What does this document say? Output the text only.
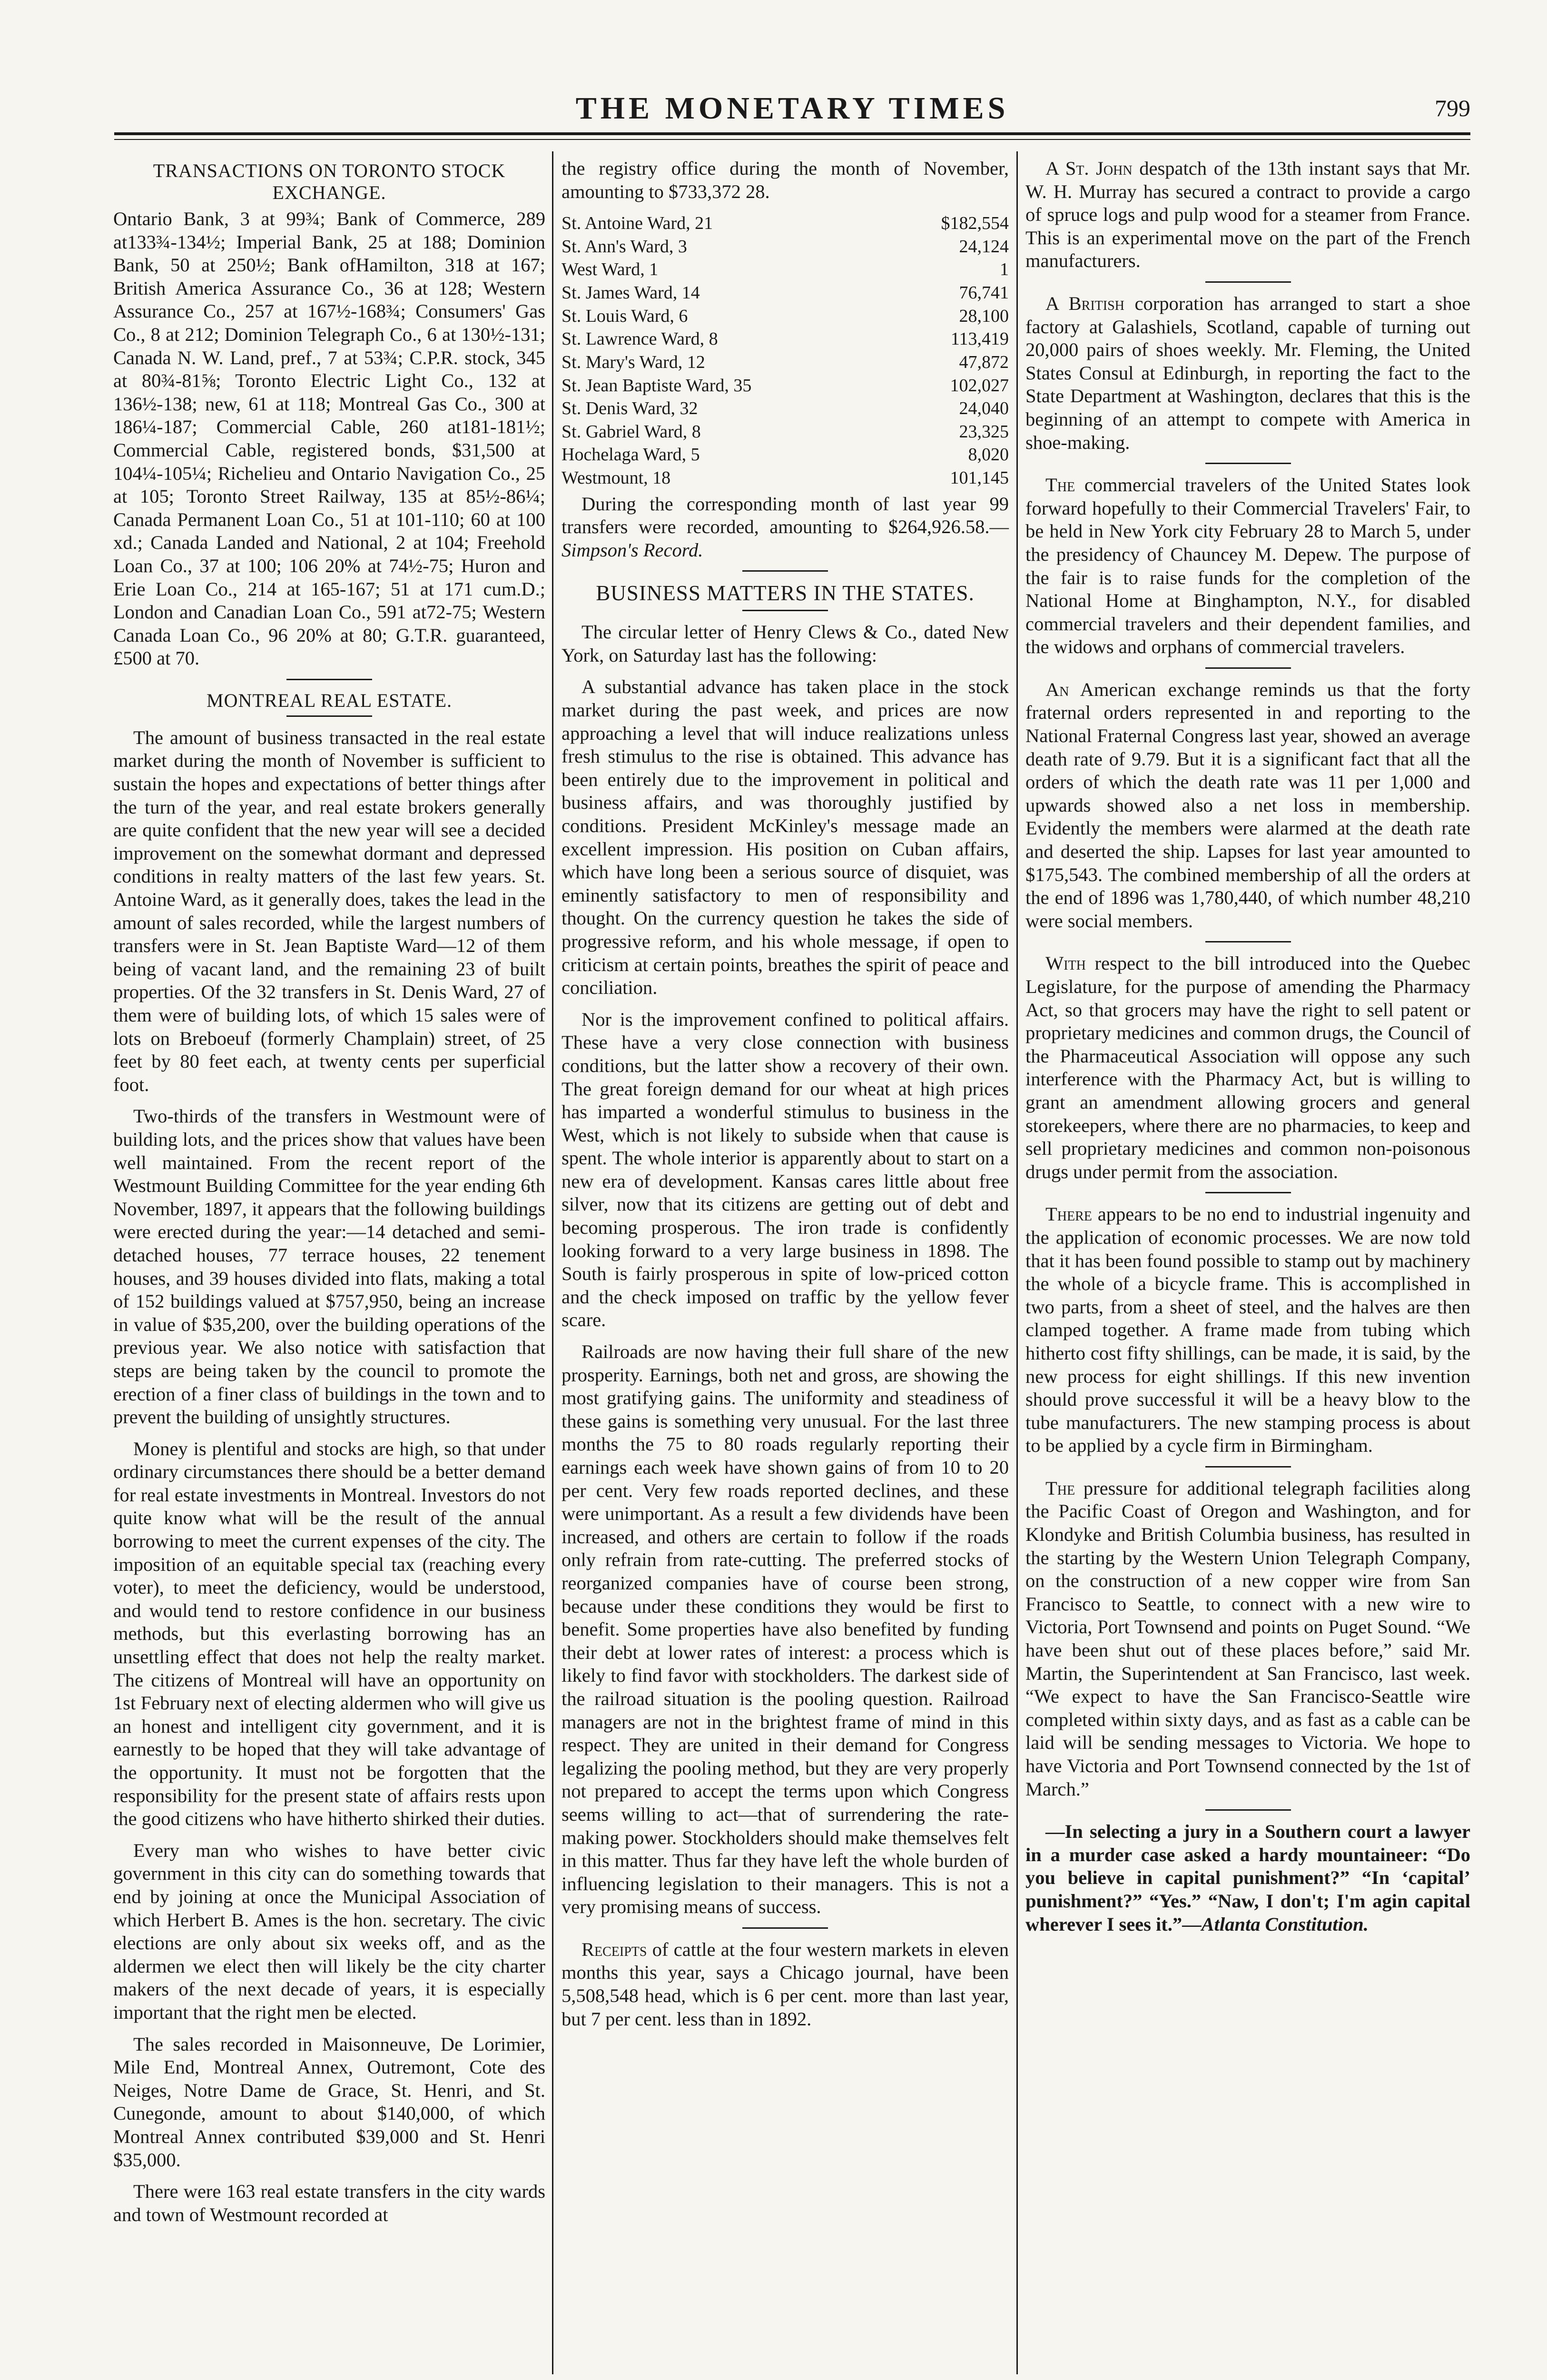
THE MONETARY TIMES	799
TRANSACTIONS ON TORONTO STOCK EXCHANGE.

Ontario Bank, 3 at 99¾; Bank of Commerce, 289 at133¾-134½; Imperial Bank, 25 at 188; Dominion Bank, 50 at 250½; Bank ofHamilton, 318 at 167; British America Assurance Co., 36 at 128; Western Assurance Co., 257 at 167½-168¾; Consumers' Gas Co., 8 at 212; Dominion Telegraph Co., 6 at 130½-131; Canada N. W. Land, pref., 7 at 53¾; C.P.R. stock, 345 at 80¾-81⅝; Toronto Electric Light Co., 132 at 136½-138; new, 61 at 118; Montreal Gas Co., 300 at 186¼-187; Commercial Cable, 260 at181-181½; Commercial Cable, registered bonds, $31,500 at 104¼-105¼; Richelieu and Ontario Navigation Co., 25 at 105; Toronto Street Railway, 135 at 85½-86¼; Canada Permanent Loan Co., 51 at 101-110; 60 at 100 xd.; Canada Landed and National, 2 at 104; Freehold Loan Co., 37 at 100; 106 20% at 74½-75; Huron and Erie Loan Co., 214 at 165-167; 51 at 171 cum.D.; London and Canadian Loan Co., 591 at72-75; Western Canada Loan Co., 96 20% at 80; G.T.R. guaranteed, £500 at 70.

MONTREAL REAL ESTATE.

The amount of business transacted in the real estate market during the month of November is sufficient to sustain the hopes and expectations of better things after the turn of the year, and real estate brokers generally are quite confident that the new year will see a decided improvement on the somewhat dormant and depressed conditions in realty matters of the last few years. St. Antoine Ward, as it generally does, takes the lead in the amount of sales recorded, while the largest numbers of transfers were in St. Jean Baptiste Ward—12 of them being of vacant land, and the remaining 23 of built properties. Of the 32 transfers in St. Denis Ward, 27 of them were of building lots, of which 15 sales were of lots on Breboeuf (formerly Champlain) street, of 25 feet by 80 feet each, at twenty cents per superficial foot.

Two-thirds of the transfers in Westmount were of building lots, and the prices show that values have been well maintained. From the recent report of the Westmount Building Committee for the year ending 6th November, 1897, it appears that the following buildings were erected during the year:—14 detached and semi-detached houses, 77 terrace houses, 22 tenement houses, and 39 houses divided into flats, making a total of 152 buildings valued at $757,950, being an increase in value of $35,200, over the building operations of the previous year. We also notice with satisfaction that steps are being taken by the council to promote the erection of a finer class of buildings in the town and to prevent the building of unsightly structures.

Money is plentiful and stocks are high, so that under ordinary circumstances there should be a better demand for real estate investments in Montreal. Investors do not quite know what will be the result of the annual borrowing to meet the current expenses of the city. The imposition of an equitable special tax (reaching every voter), to meet the deficiency, would be understood, and would tend to restore confidence in our business methods, but this everlasting borrowing has an unsettling effect that does not help the realty market. The citizens of Montreal will have an opportunity on 1st February next of electing aldermen who will give us an honest and intelligent city government, and it is earnestly to be hoped that they will take advantage of the opportunity. It must not be forgotten that the responsibility for the present state of affairs rests upon the good citizens who have hitherto shirked their duties.

Every man who wishes to have better civic government in this city can do something towards that end by joining at once the Municipal Association of which Herbert B. Ames is the hon. secretary. The civic elections are only about six weeks off, and as the aldermen we elect then will likely be the city charter makers of the next decade of years, it is especially important that the right men be elected.

The sales recorded in Maisonneuve, De Lorimier, Mile End, Montreal Annex, Outremont, Cote des Neiges, Notre Dame de Grace, St. Henri, and St. Cunegonde, amount to about $140,000, of which Montreal Annex contributed $39,000 and St. Henri $35,000.

There were 163 real estate transfers in the city wards and town of Westmount recorded at

the registry office during the month of November, amounting to $733,372 28.

St. Antoine Ward, 21	$182,554
St. Ann's Ward, 3	24,124
West Ward, 1	1
St. James Ward, 14	76,741
St. Louis Ward, 6	28,100
St. Lawrence Ward, 8	113,419
St. Mary's Ward, 12	47,872
St. Jean Baptiste Ward, 35	102,027
St. Denis Ward, 32	24,040
St. Gabriel Ward, 8	23,325
Hochelaga Ward, 5	8,020
Westmount, 18	101,145

During the corresponding month of last year 99 transfers were recorded, amounting to $264,926.58.—Simpson's Record.

BUSINESS MATTERS IN THE STATES.

The circular letter of Henry Clews & Co., dated New York, on Saturday last has the following:

A substantial advance has taken place in the stock market during the past week, and prices are now approaching a level that will induce realizations unless fresh stimulus to the rise is obtained. This advance has been entirely due to the improvement in political and business affairs, and was thoroughly justified by conditions. President McKinley's message made an excellent impression. His position on Cuban affairs, which have long been a serious source of disquiet, was eminently satisfactory to men of responsibility and thought. On the currency question he takes the side of progressive reform, and his whole message, if open to criticism at certain points, breathes the spirit of peace and conciliation.

Nor is the improvement confined to political affairs. These have a very close connection with business conditions, but the latter show a recovery of their own. The great foreign demand for our wheat at high prices has imparted a wonderful stimulus to business in the West, which is not likely to subside when that cause is spent. The whole interior is apparently about to start on a new era of development. Kansas cares little about free silver, now that its citizens are getting out of debt and becoming prosperous. The iron trade is confidently looking forward to a very large business in 1898. The South is fairly prosperous in spite of low-priced cotton and the check imposed on traffic by the yellow fever scare.

Railroads are now having their full share of the new prosperity. Earnings, both net and gross, are showing the most gratifying gains. The uniformity and steadiness of these gains is something very unusual. For the last three months the 75 to 80 roads regularly reporting their earnings each week have shown gains of from 10 to 20 per cent. Very few roads reported declines, and these were unimportant. As a result a few dividends have been increased, and others are certain to follow if the roads only refrain from rate-cutting. The preferred stocks of reorganized companies have of course been strong, because under these conditions they would be first to benefit. Some properties have also benefited by funding their debt at lower rates of interest: a process which is likely to find favor with stockholders. The darkest side of the railroad situation is the pooling question. Railroad managers are not in the brightest frame of mind in this respect. They are united in their demand for Congress legalizing the pooling method, but they are very properly not prepared to accept the terms upon which Congress seems willing to act—that of surrendering the rate-making power. Stockholders should make themselves felt in this matter. Thus far they have left the whole burden of influencing legislation to their managers. This is not a very promising means of success.

Receipts of cattle at the four western markets in eleven months this year, says a Chicago journal, have been 5,508,548 head, which is 6 per cent. more than last year, but 7 per cent. less than in 1892.

A St. John despatch of the 13th instant says that Mr. W. H. Murray has secured a contract to provide a cargo of spruce logs and pulp wood for a steamer from France. This is an experimental move on the part of the French manufacturers.

A British corporation has arranged to start a shoe factory at Galashiels, Scotland, capable of turning out 20,000 pairs of shoes weekly. Mr. Fleming, the United States Consul at Edinburgh, in reporting the fact to the State Department at Washington, declares that this is the beginning of an attempt to compete with America in shoe-making.

The commercial travelers of the United States look forward hopefully to their Commercial Travelers' Fair, to be held in New York city February 28 to March 5, under the presidency of Chauncey M. Depew. The purpose of the fair is to raise funds for the completion of the National Home at Binghampton, N.Y., for disabled commercial travelers and their dependent families, and the widows and orphans of commercial travelers.

An American exchange reminds us that the forty fraternal orders represented in and reporting to the National Fraternal Congress last year, showed an average death rate of 9.79. But it is a significant fact that all the orders of which the death rate was 11 per 1,000 and upwards showed also a net loss in membership. Evidently the members were alarmed at the death rate and deserted the ship. Lapses for last year amounted to $175,543. The combined membership of all the orders at the end of 1896 was 1,780,440, of which number 48,210 were social members.

With respect to the bill introduced into the Quebec Legislature, for the purpose of amending the Pharmacy Act, so that grocers may have the right to sell patent or proprietary medicines and common drugs, the Council of the Pharmaceutical Association will oppose any such interference with the Pharmacy Act, but is willing to grant an amendment allowing grocers and general storekeepers, where there are no pharmacies, to keep and sell proprietary medicines and common non-poisonous drugs under permit from the association.

There appears to be no end to industrial ingenuity and the application of economic processes. We are now told that it has been found possible to stamp out by machinery the whole of a bicycle frame. This is accomplished in two parts, from a sheet of steel, and the halves are then clamped together. A frame made from tubing which hitherto cost fifty shillings, can be made, it is said, by the new process for eight shillings. If this new invention should prove successful it will be a heavy blow to the tube manufacturers. The new stamping process is about to be applied by a cycle firm in Birmingham.

The pressure for additional telegraph facilities along the Pacific Coast of Oregon and Washington, and for Klondyke and British Columbia business, has resulted in the starting by the Western Union Telegraph Company, on the construction of a new copper wire from San Francisco to Seattle, to connect with a new wire to Victoria, Port Townsend and points on Puget Sound. “We have been shut out of these places before,” said Mr. Martin, the Superintendent at San Francisco, last week. “We expect to have the San Francisco-Seattle wire completed within sixty days, and as fast as a cable can be laid will be sending messages to Victoria. We hope to have Victoria and Port Townsend connected by the 1st of March.”

—In selecting a jury in a Southern court a lawyer in a murder case asked a hardy mountaineer: “Do you believe in capital punishment?” “In ‘capital’ punishment?” “Yes.” “Naw, I don't; I'm agin capital wherever I sees it.”—Atlanta Constitution.
